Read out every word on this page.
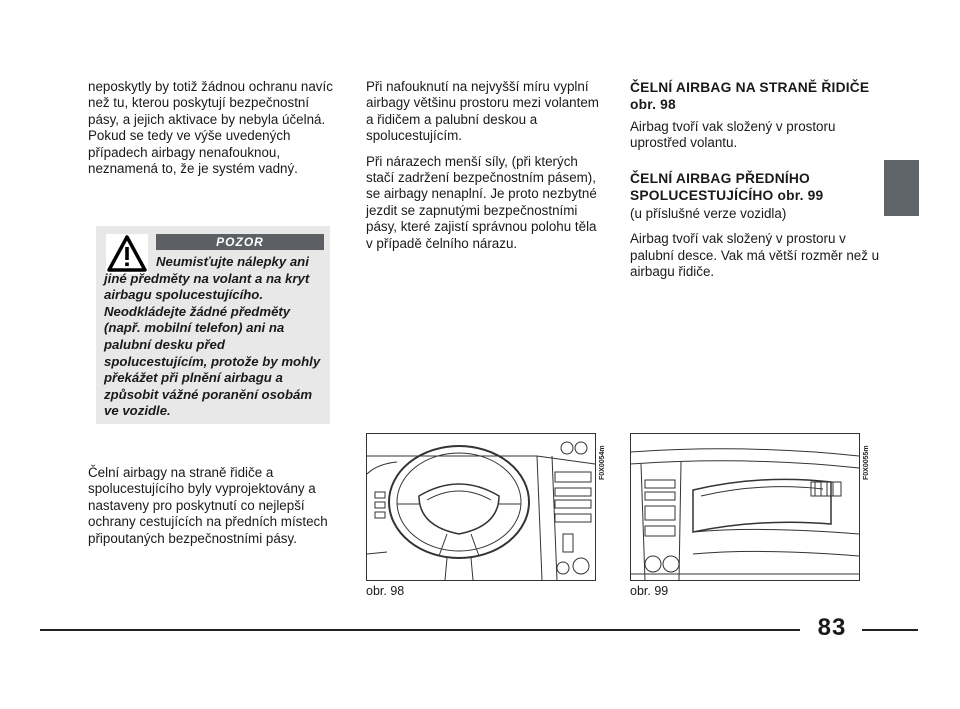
neposkytly by totiž žádnou ochranu navíc než tu, kterou poskytují bezpečnostní pásy, a jejich aktivace by nebyla účelná.

Pokud se tedy ve výše uvedených případech airbagy nenafouknou, neznamená to, že je systém vadný.

POZOR

Neumisťujte nálepky ani jiné předměty na volant a na kryt airbagu spolucestujícího. Neodkládejte žádné předměty (např. mobilní telefon) ani na palubní desku před spolucestujícím, protože by mohly překážet při plnění airbagu a způsobit vážné poranění osobám ve vozidle.

Čelní airbagy na straně řidiče a spolucestujícího byly vyprojektovány a nastaveny pro poskytnutí co nejlepší ochrany cestujících na předních místech připoutaných bezpečnostními pásy.

Při nafouknutí na nejvyšší míru vyplní airbagy většinu prostoru mezi volantem a řidičem a palubní deskou a spolucestujícím.

Při nárazech menší síly, (při kterých stačí zadržení bezpečnostním pásem), se airbagy nenaplní. Je proto nezbytné jezdit se zapnutými bezpečnostními pásy, které zajistí správnou polohu těla v případě čelního nárazu.

ČELNÍ AIRBAG NA STRANĚ ŘIDIČE obr. 98

Airbag tvoří vak složený v prostoru uprostřed volantu.

ČELNÍ AIRBAG PŘEDNÍHO SPOLUCESTUJÍCÍHO obr. 99

(u příslušné verze vozidla)

Airbag tvoří vak složený v prostoru v palubní desce. Vak má větší rozměr než u airbagu řidiče.

F0X0054m
obr. 98
F0X0055m
obr. 99
83
